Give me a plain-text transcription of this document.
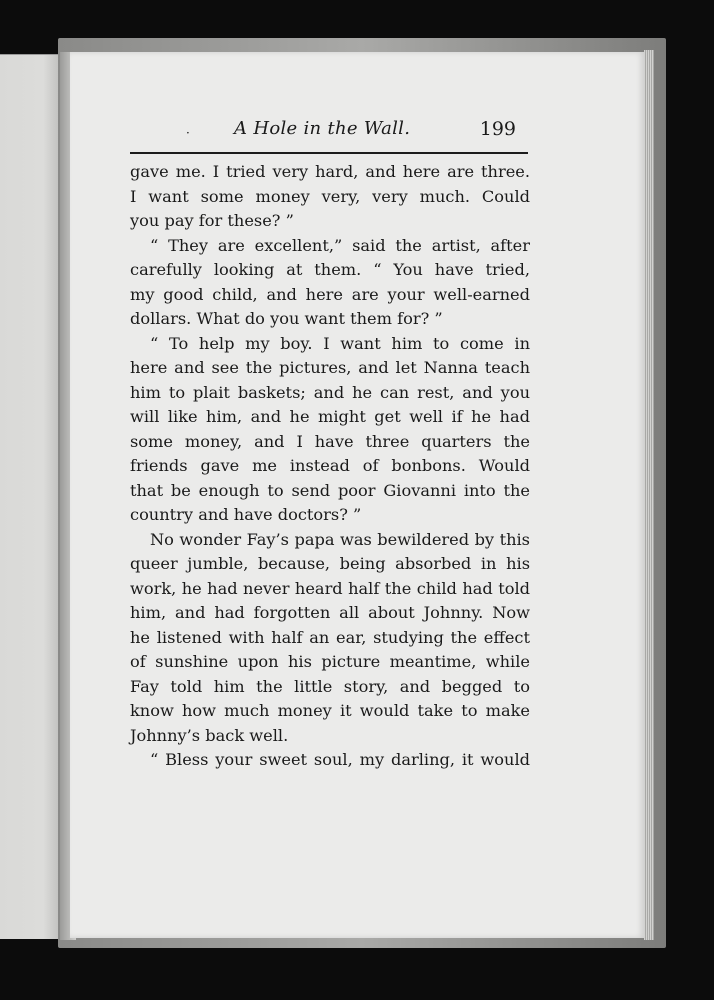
· A Hole in the Wall.	199
gave me. I tried very hard, and here are three.
I want some money very, very much. Could
you pay for these? ”
“ They are excellent,” said the artist, after
carefully looking at them. “ You have tried,
my good child, and here are your well-earned
dollars. What do you want them for? ”
“ To help my boy. I want him to come in
here and see the pictures, and let Nanna teach
him to plait baskets; and he can rest, and you
will like him, and he might get well if he had
some money, and I have three quarters the
friends gave me instead of bonbons. Would
that be enough to send poor Giovanni into the
country and have doctors? ”
No wonder Fay’s papa was bewildered by this
queer jumble, because, being absorbed in his
work, he had never heard half the child had told
him, and had forgotten all about Johnny. Now
he listened with half an ear, studying the effect
of sunshine upon his picture meantime, while
Fay told him the little story, and begged to
know how much money it would take to make
Johnny’s back well.
“ Bless your sweet soul, my darling, it would
